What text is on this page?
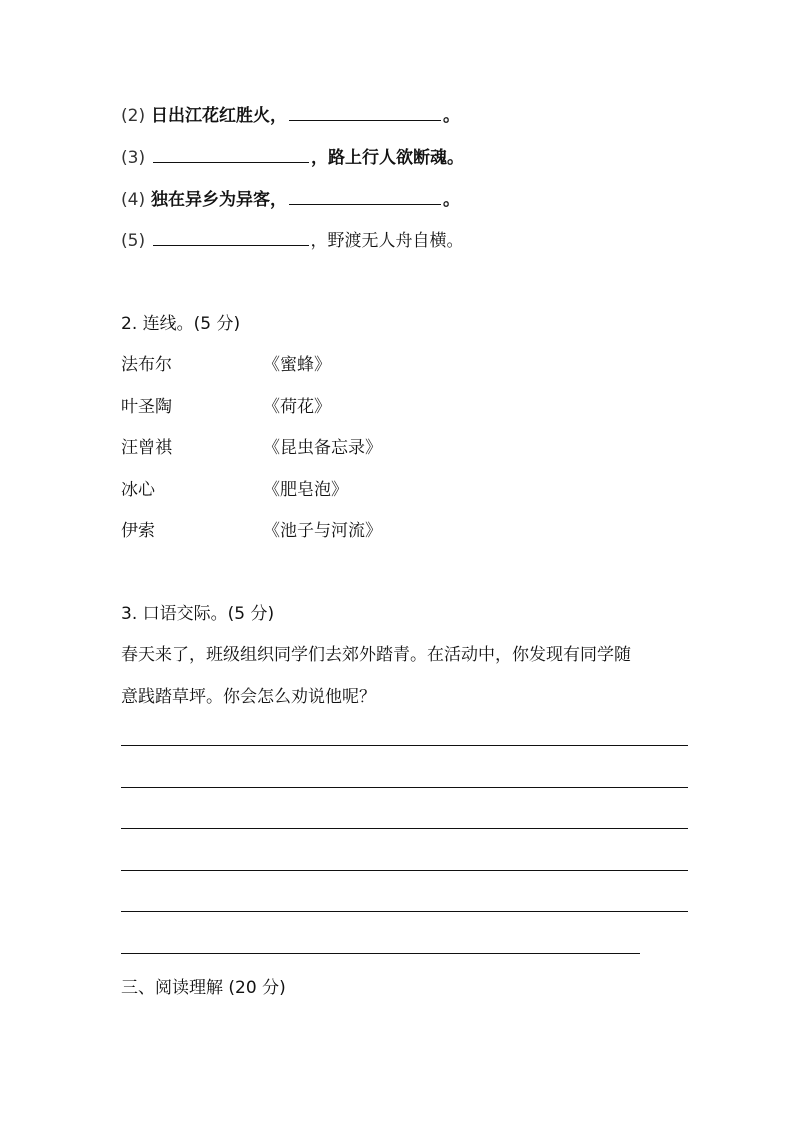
(2) 日出江花红胜火，	。
(3)	，路上行人欲断魂。
(4) 独在异乡为异客，	。
(5)	，野渡无人舟自横。
2. 连线。(5 分)
法布尔	《蜜蜂》
叶圣陶	《荷花》
汪曾祺	《昆虫备忘录》
冰心	《肥皂泡》
伊索	《池子与河流》
3. 口语交际。(5 分)
春天来了，班级组织同学们去郊外踏青。在活动中，你发现有同学随
意践踏草坪。你会怎么劝说他呢？
三、阅读理解 (20 分)
